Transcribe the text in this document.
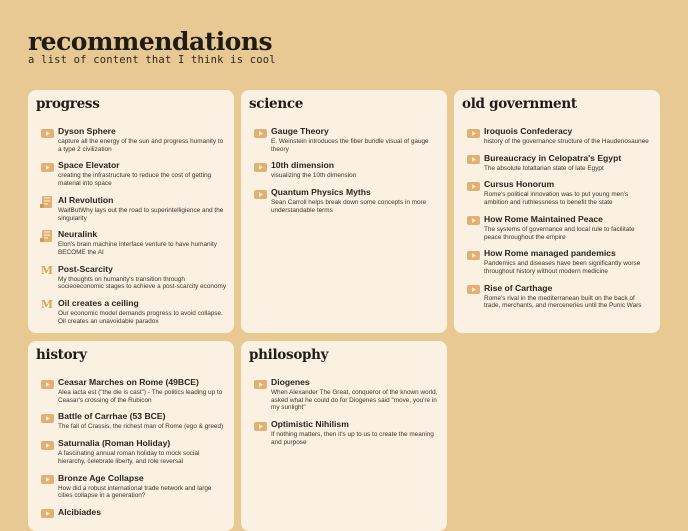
recommendations
a list of content that I think is cool
progress
Dyson Sphere
capture all the energy of the sun and progress humanity to a type 2 civilization
Space Elevator
creating the infrastructure to reduce the cost of getting material into space
AI Revolution
WaitButWhy lays out the road to superintelligience and the singularity
Neuralink
Elon's brain machine interface venture to have humanity BECOME the AI
M Post-Scarcity
My thoughts on humanity's transition through socieoeconomic stages to achieve a post-scarcity economy
M Oil creates a ceiling
Our economic model demands progress to avoid collapse. Oil creates an unavoidable paradox
science
Gauge Theory
E. Weinstein introduces the fiber bundle visual of gauge theory
10th dimension
visualizing the 10th dimension
Quantum Physics Myths
Sean Carroll helps break down some concepts in more understandable terms
old government
Iroquois Confederacy
history of the governance structure of the Haudenosaunee
Bureaucracy in Celopatra's Egypt
The absolute totaltarian state of late Egypt
Cursus Honorum
Rome's political innovation was to put young men's ambition and ruthlessness to benefit the state
How Rome Maintained Peace
The systems of governance and local rule to facilitate peace throughout the empire
How Rome managed pandemics
Pandemics and diseases have been significantly worse throughout history without modern medicine
Rise of Carthage
Rome's rival in the mediterranean built on the back of trade, merchants, and merceneries until the Punic Wars
history
Ceasar Marches on Rome (49BCE)
Alea iacta est ("the die is cast") - The politics leading up to Ceasar's crossing of the Rubicon
Battle of Carrhae (53 BCE)
The fall of Crassis, the richest man of Rome (ego & greed)
Saturnalia (Roman Holiday)
A fascinating annual roman holiday to mock social hierarchy, celebrate liberty, and role reversal
Bronze Age Collapse
How did a robust international trade network and large cities collapse in a generation?
Alcibiades
philosophy
Diogenes
When Alexander The Great, conqueror of the known world, asked what he could do for Diogenes said "move, you're in my sunlight"
Optimistic Nihilism
If nothing matters, then it's up to us to create the meaning and purpose
